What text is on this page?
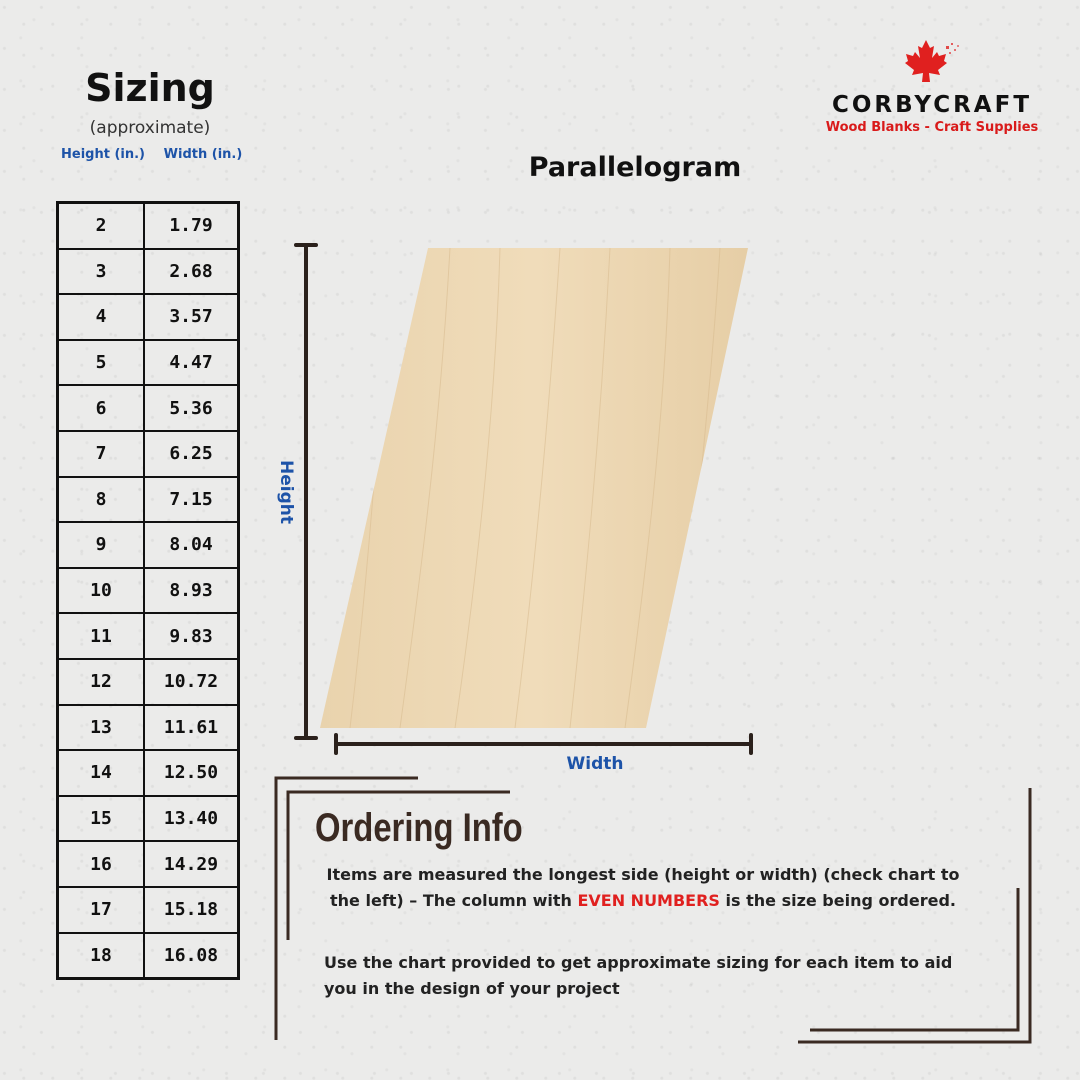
Sizing
(approximate)
Height (in.)	Width (in.)
2	1.79
3	2.68
4	3.57
5	4.47
6	5.36
7	6.25
8	7.15
9	8.04
10	8.93
11	9.83
12	10.72
13	11.61
14	12.50
15	13.40
16	14.29
17	15.18
18	16.08
CORBYCRAFT
Wood Blanks - Craft Supplies
Parallelogram
Height
Width
Ordering Info
Items are measured the longest side (height or width) (check chart to the left) – The column with EVEN NUMBERS is the size being ordered.
Use the chart provided to get approximate sizing for each item to aid you in the design of your project
